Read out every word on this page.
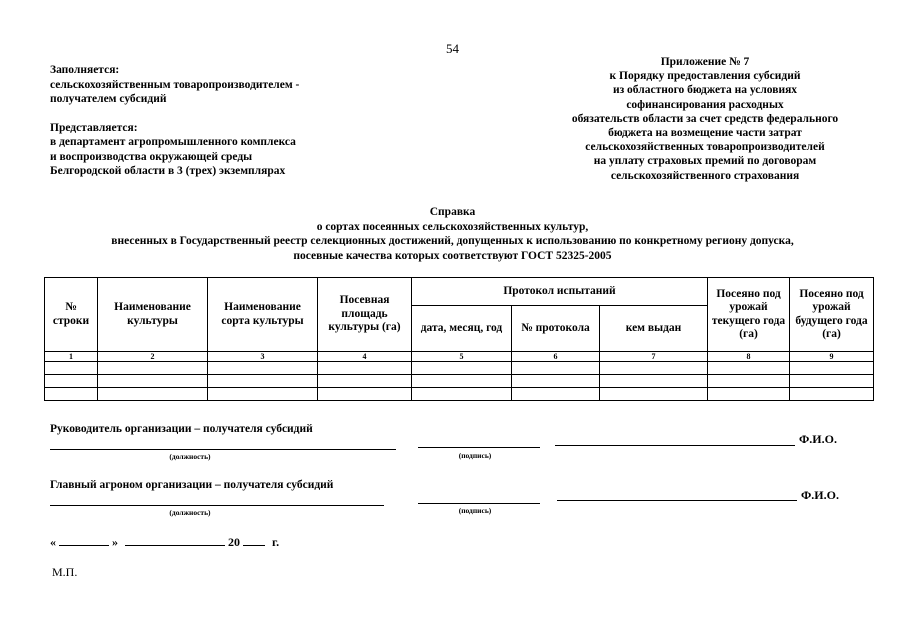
54
Заполняется:
сельскохозяйственным товаропроизводителем -
получателем субсидий
Представляется:
в департамент агропромышленного комплекса
и воспроизводства окружающей среды
Белгородской области в 3 (трех) экземплярах
Приложение № 7
к Порядку предоставления субсидий
из областного бюджета на условиях
софинансирования расходных
обязательств области за счет средств федерального
бюджета на возмещение части затрат
сельскохозяйственных товаропроизводителей
на уплату страховых премий по договорам
сельскохозяйственного страхования
Справка
о сортах посеянных сельскохозяйственных культур,
внесенных в Государственный реестр селекционных достижений, допущенных к использованию по конкретному региону допуска,
посевные качества которых соответствуют ГОСТ 52325-2005
№ строки	Наименование культуры	Наименование сорта культуры	Посевная площадь культуры (га)	Протокол испытаний			Посеяно под урожай текущего года (га)	Посеяно под урожай будущего года (га)
				дата, месяц, год	№ протокола	кем выдан		
1	2	3	4	5	6	7	8	9

Руководитель организации – получателя субсидий
(должность)	(подпись)
Ф.И.О.
Главный агроном организации – получателя субсидий
(должность)	(подпись)
Ф.И.О.
«	»	20	г.
М.П.
